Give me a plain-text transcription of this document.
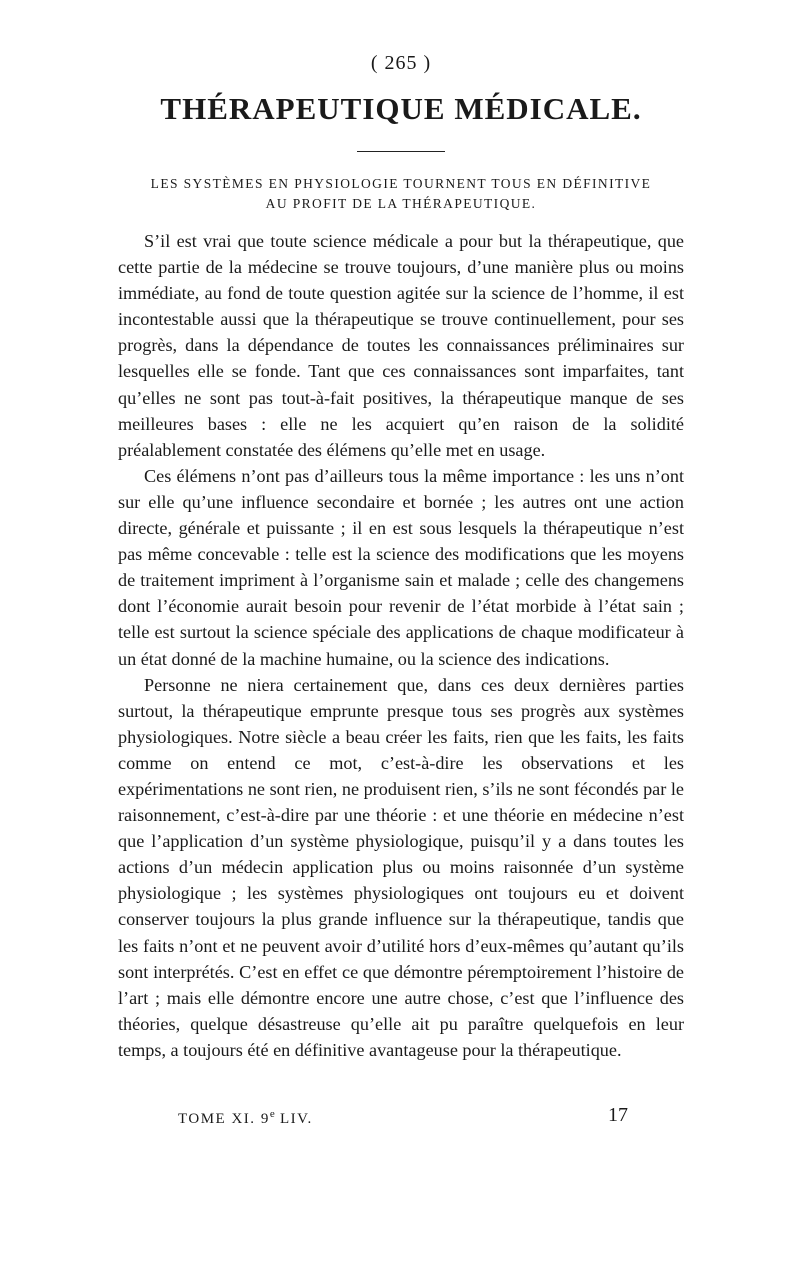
( 265 )
THÉRAPEUTIQUE MÉDICALE.
LES SYSTÈMES EN PHYSIOLOGIE TOURNENT TOUS EN DÉFINITIVE
AU PROFIT DE LA THÉRAPEUTIQUE.

S’il est vrai que toute science médicale a pour but la thérapeutique, que cette partie de la médecine se trouve toujours, d’une manière plus ou moins immédiate, au fond de toute question agitée sur la science de l’homme, il est incontestable aussi que la thérapeutique se trouve continuellement, pour ses progrès, dans la dépendance de toutes les connaissances préliminaires sur lesquelles elle se fonde. Tant que ces connaissances sont imparfaites, tant qu’elles ne sont pas tout-à-fait positives, la thérapeutique manque de ses meilleures bases : elle ne les acquiert qu’en raison de la solidité préalablement constatée des élémens qu’elle met en usage.

Ces élémens n’ont pas d’ailleurs tous la même importance : les uns n’ont sur elle qu’une influence secondaire et bornée ; les autres ont une action directe, générale et puissante ; il en est sous lesquels la thérapeutique n’est pas même concevable : telle est la science des modifications que les moyens de traitement impriment à l’organisme sain et malade ; celle des changemens dont l’économie aurait besoin pour revenir de l’état morbide à l’état sain ; telle est surtout la science spéciale des applications de chaque modificateur à un état donné de la machine humaine, ou la science des indications.

Personne ne niera certainement que, dans ces deux dernières parties surtout, la thérapeutique emprunte presque tous ses progrès aux systèmes physiologiques. Notre siècle a beau créer les faits, rien que les faits, les faits comme on entend ce mot, c’est-à-dire les observations et les expérimentations ne sont rien, ne produisent rien, s’ils ne sont fécondés par le raisonnement, c’est-à-dire par une théorie : et une théorie en médecine n’est que l’application d’un système physiologique, puisqu’il y a dans toutes les actions d’un médecin application plus ou moins raisonnée d’un système physiologique ; les systèmes physiologiques ont toujours eu et doivent conserver toujours la plus grande influence sur la thérapeutique, tandis que les faits n’ont et ne peuvent avoir d’utilité hors d’eux-mêmes qu’autant qu’ils sont interprétés. C’est en effet ce que démontre péremptoirement l’histoire de l’art ; mais elle démontre encore une autre chose, c’est que l’influence des théories, quelque désastreuse qu’elle ait pu paraître quelquefois en leur temps, a toujours été en définitive avantageuse pour la thérapeutique.

TOME XI. 9e LIV.	17
